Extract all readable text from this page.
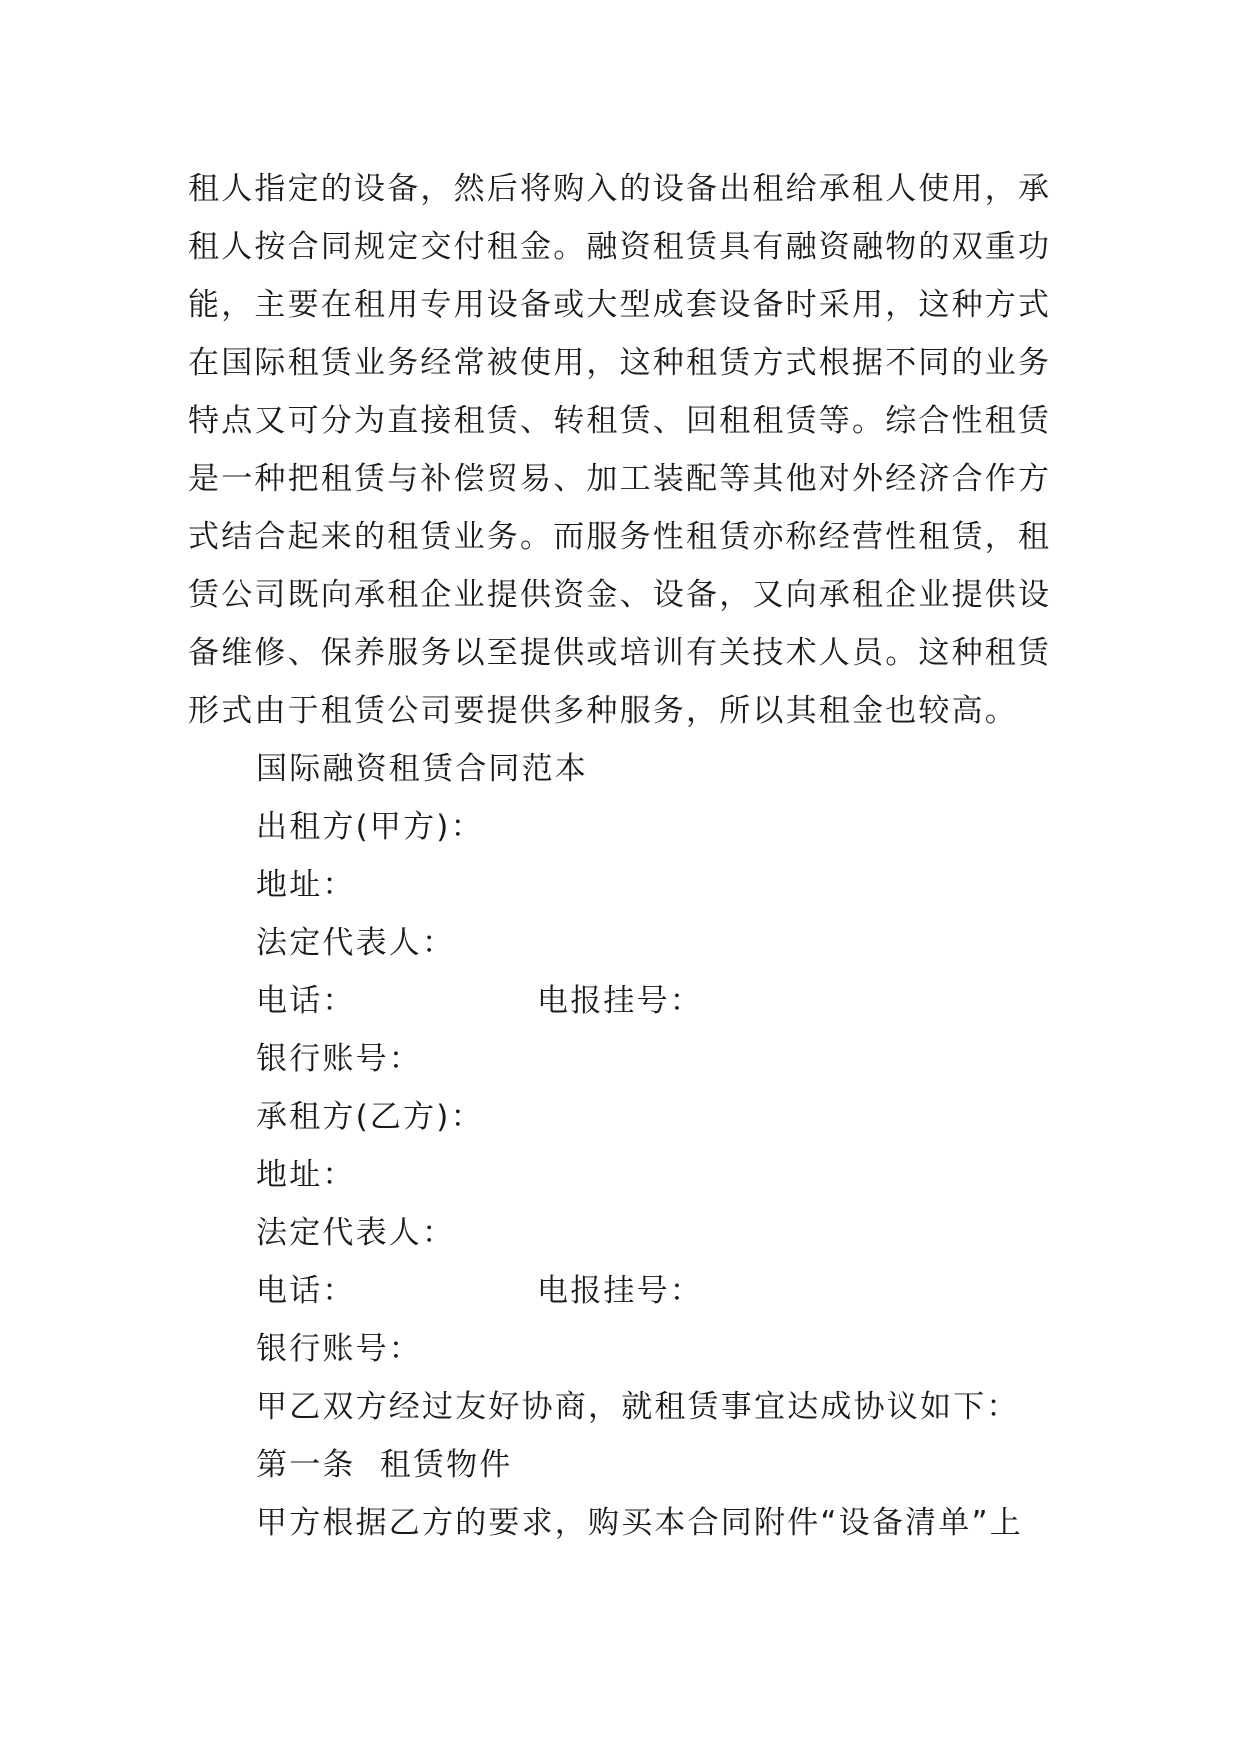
租人指定的设备，然后将购入的设备出租给承租人使用，承
租人按合同规定交付租金。融资租赁具有融资融物的双重功
能，主要在租用专用设备或大型成套设备时采用，这种方式
在国际租赁业务经常被使用，这种租赁方式根据不同的业务
特点又可分为直接租赁、转租赁、回租租赁等。综合性租赁
是一种把租赁与补偿贸易、加工装配等其他对外经济合作方
式结合起来的租赁业务。而服务性租赁亦称经营性租赁，租
赁公司既向承租企业提供资金、设备，又向承租企业提供设
备维修、保养服务以至提供或培训有关技术人员。这种租赁
形式由于租赁公司要提供多种服务，所以其租金也较高。
国际融资租赁合同范本
出租方(甲方)：
地址：
法定代表人：
电话：	电报挂号：
银行账号：
承租方(乙方)：
地址：
法定代表人：
电话：	电报挂号：
银行账号：
甲乙双方经过友好协商，就租赁事宜达成协议如下：
第一条  租赁物件
甲方根据乙方的要求，购买本合同附件“设备清单”上
